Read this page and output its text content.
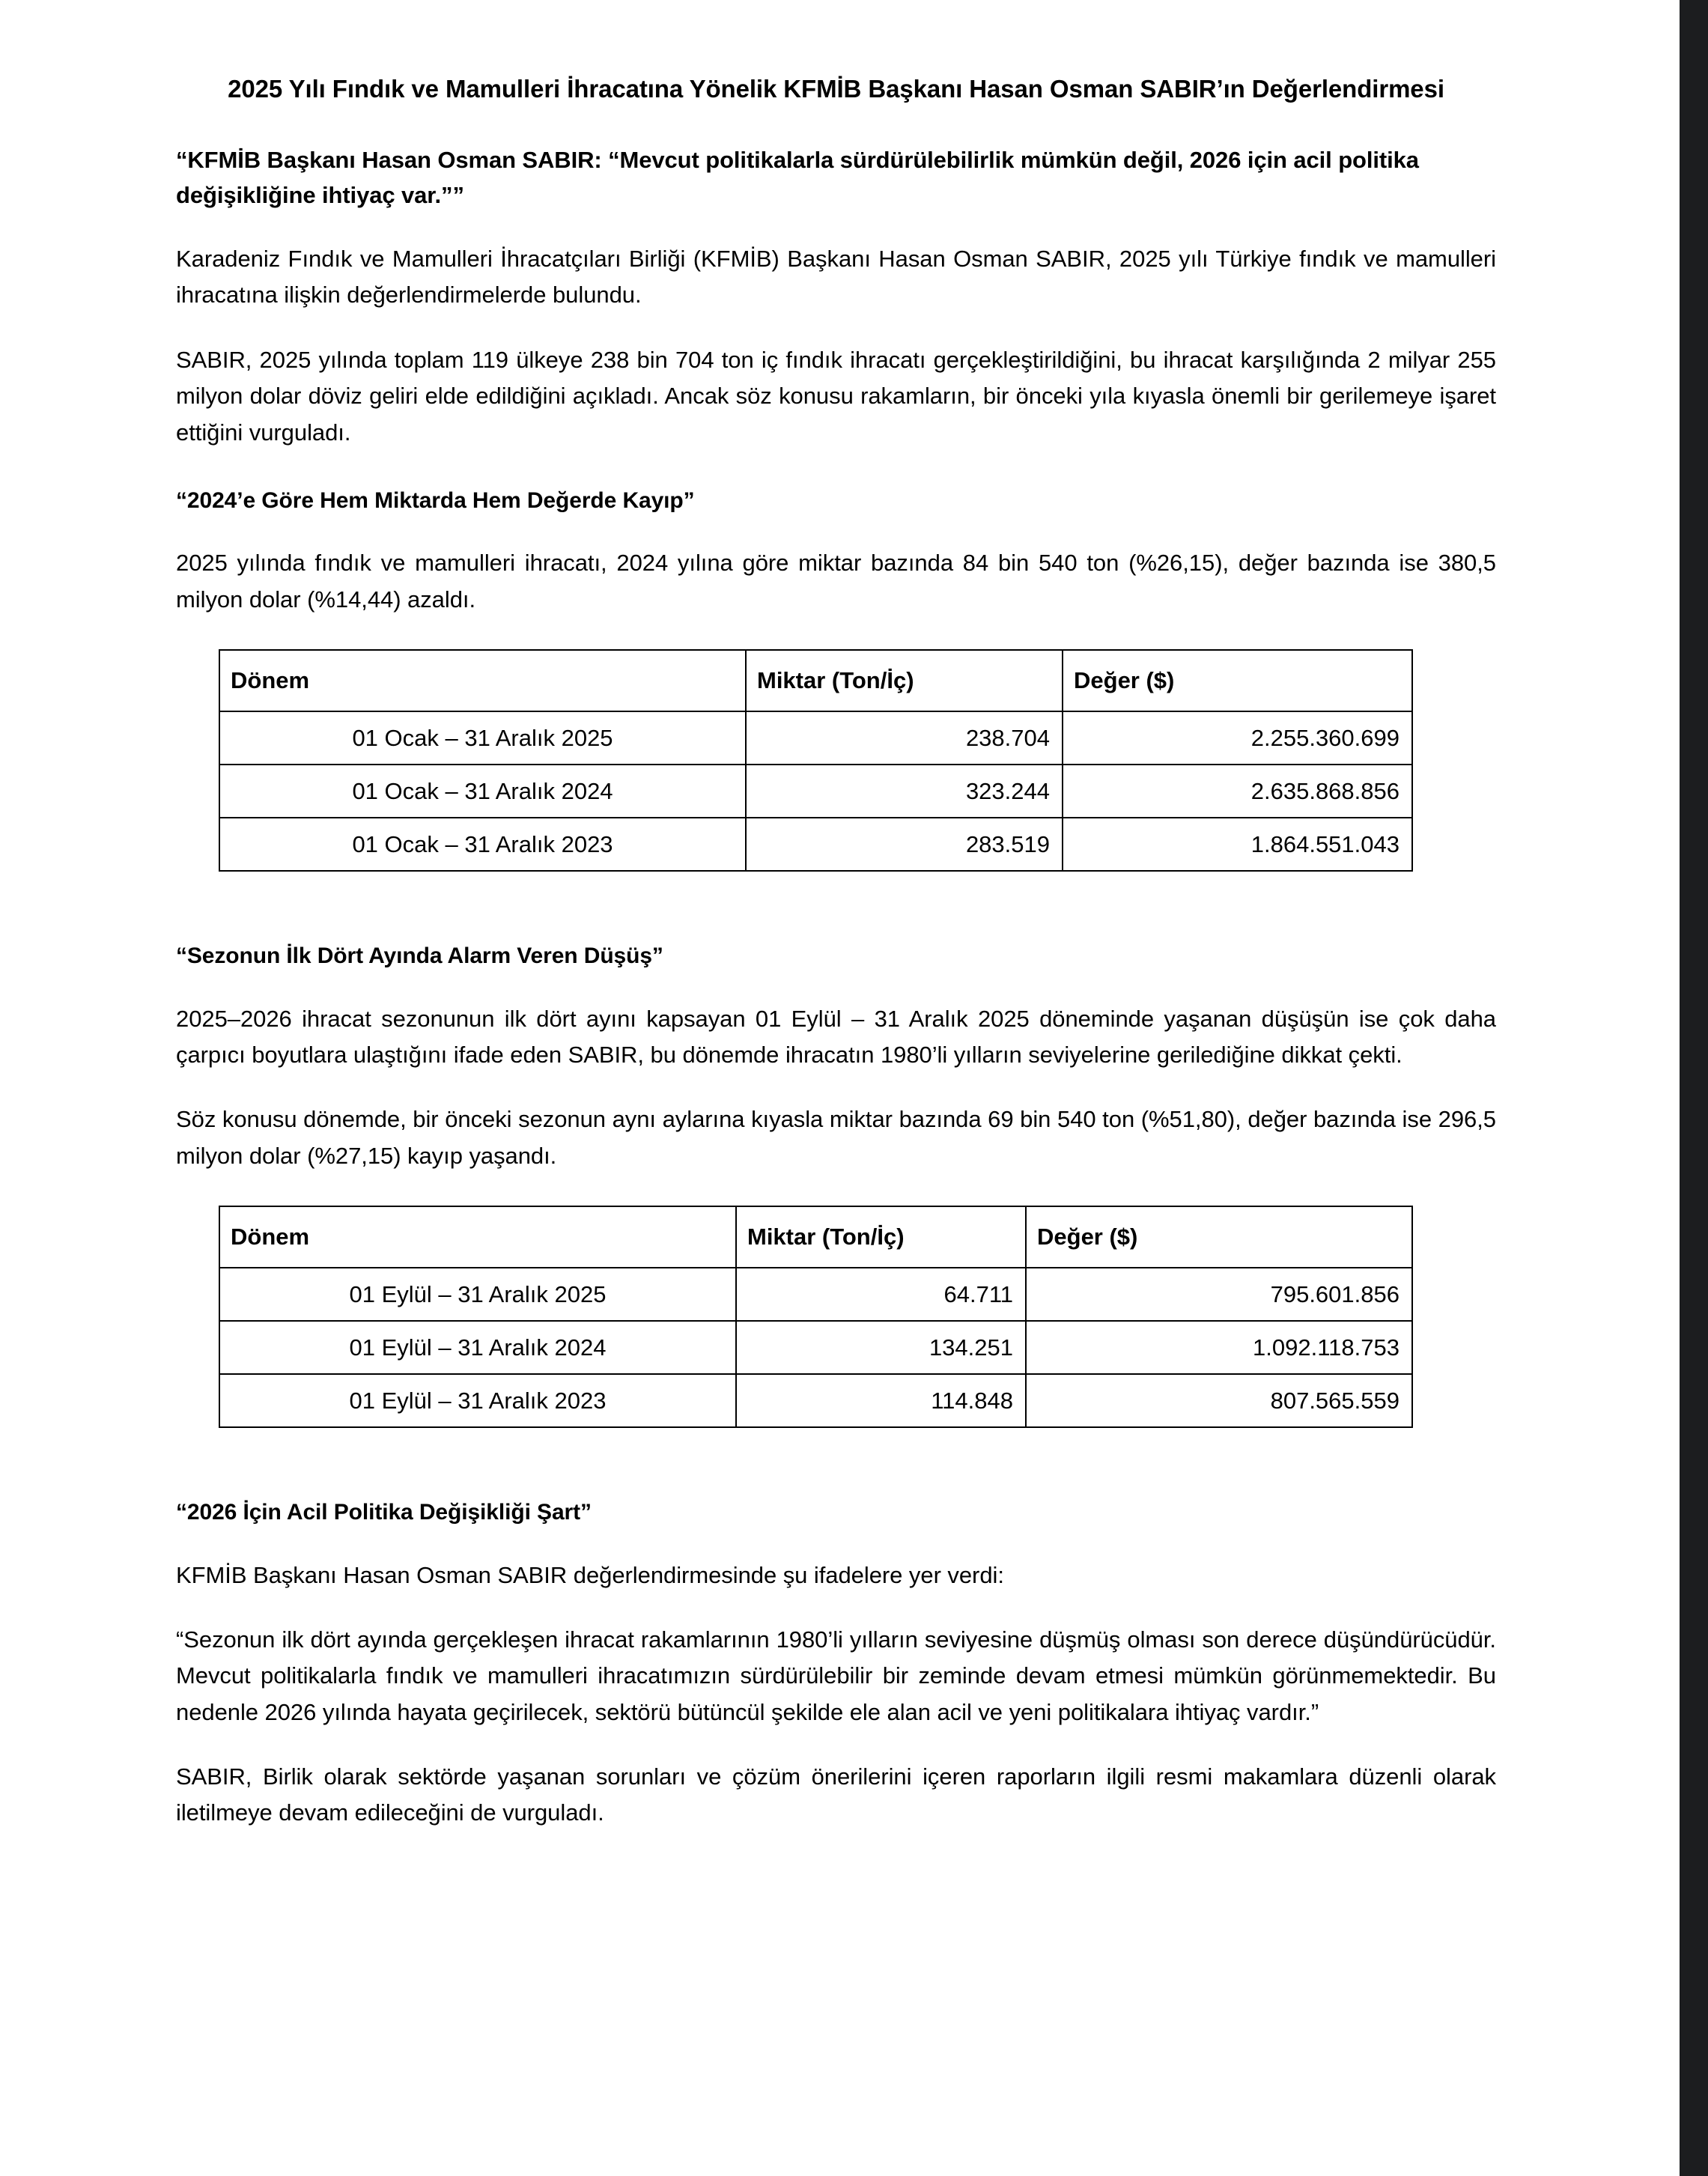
2025 Yılı Fındık ve Mamulleri İhracatına Yönelik KFMİB Başkanı Hasan Osman SABIR’ın Değerlendirmesi

“KFMİB Başkanı Hasan Osman SABIR: “Mevcut politikalarla sürdürülebilirlik mümkün değil, 2026 için acil politika değişikliğine ihtiyaç var.””

Karadeniz Fındık ve Mamulleri İhracatçıları Birliği (KFMİB) Başkanı Hasan Osman SABIR, 2025 yılı Türkiye fındık ve mamulleri ihracatına ilişkin değerlendirmelerde bulundu.

SABIR, 2025 yılında toplam 119 ülkeye 238 bin 704 ton iç fındık ihracatı gerçekleştirildiğini, bu ihracat karşılığında 2 milyar 255 milyon dolar döviz geliri elde edildiğini açıkladı. Ancak söz konusu rakamların, bir önceki yıla kıyasla önemli bir gerilemeye işaret ettiğini vurguladı.

“2024’e Göre Hem Miktarda Hem Değerde Kayıp”

2025 yılında fındık ve mamulleri ihracatı, 2024 yılına göre miktar bazında 84 bin 540 ton (%26,15), değer bazında ise 380,5 milyon dolar (%14,44) azaldı.

Dönem	Miktar (Ton/İç)	Değer ($)
01 Ocak – 31 Aralık 2025	238.704	2.255.360.699
01 Ocak – 31 Aralık 2024	323.244	2.635.868.856
01 Ocak – 31 Aralık 2023	283.519	1.864.551.043
“Sezonun İlk Dört Ayında Alarm Veren Düşüş”

2025–2026 ihracat sezonunun ilk dört ayını kapsayan 01 Eylül – 31 Aralık 2025 döneminde yaşanan düşüşün ise çok daha çarpıcı boyutlara ulaştığını ifade eden SABIR, bu dönemde ihracatın 1980’li yılların seviyelerine gerilediğine dikkat çekti.

Söz konusu dönemde, bir önceki sezonun aynı aylarına kıyasla miktar bazında 69 bin 540 ton (%51,80), değer bazında ise 296,5 milyon dolar (%27,15) kayıp yaşandı.

Dönem	Miktar (Ton/İç)	Değer ($)
01 Eylül – 31 Aralık 2025	64.711	795.601.856
01 Eylül – 31 Aralık 2024	134.251	1.092.118.753
01 Eylül – 31 Aralık 2023	114.848	807.565.559
“2026 İçin Acil Politika Değişikliği Şart”

KFMİB Başkanı Hasan Osman SABIR değerlendirmesinde şu ifadelere yer verdi:

“Sezonun ilk dört ayında gerçekleşen ihracat rakamlarının 1980’li yılların seviyesine düşmüş olması son derece düşündürücüdür. Mevcut politikalarla fındık ve mamulleri ihracatımızın sürdürülebilir bir zeminde devam etmesi mümkün görünmemektedir. Bu nedenle 2026 yılında hayata geçirilecek, sektörü bütüncül şekilde ele alan acil ve yeni politikalara ihtiyaç vardır.”

SABIR, Birlik olarak sektörde yaşanan sorunları ve çözüm önerilerini içeren raporların ilgili resmi makamlara düzenli olarak iletilmeye devam edileceğini de vurguladı.
